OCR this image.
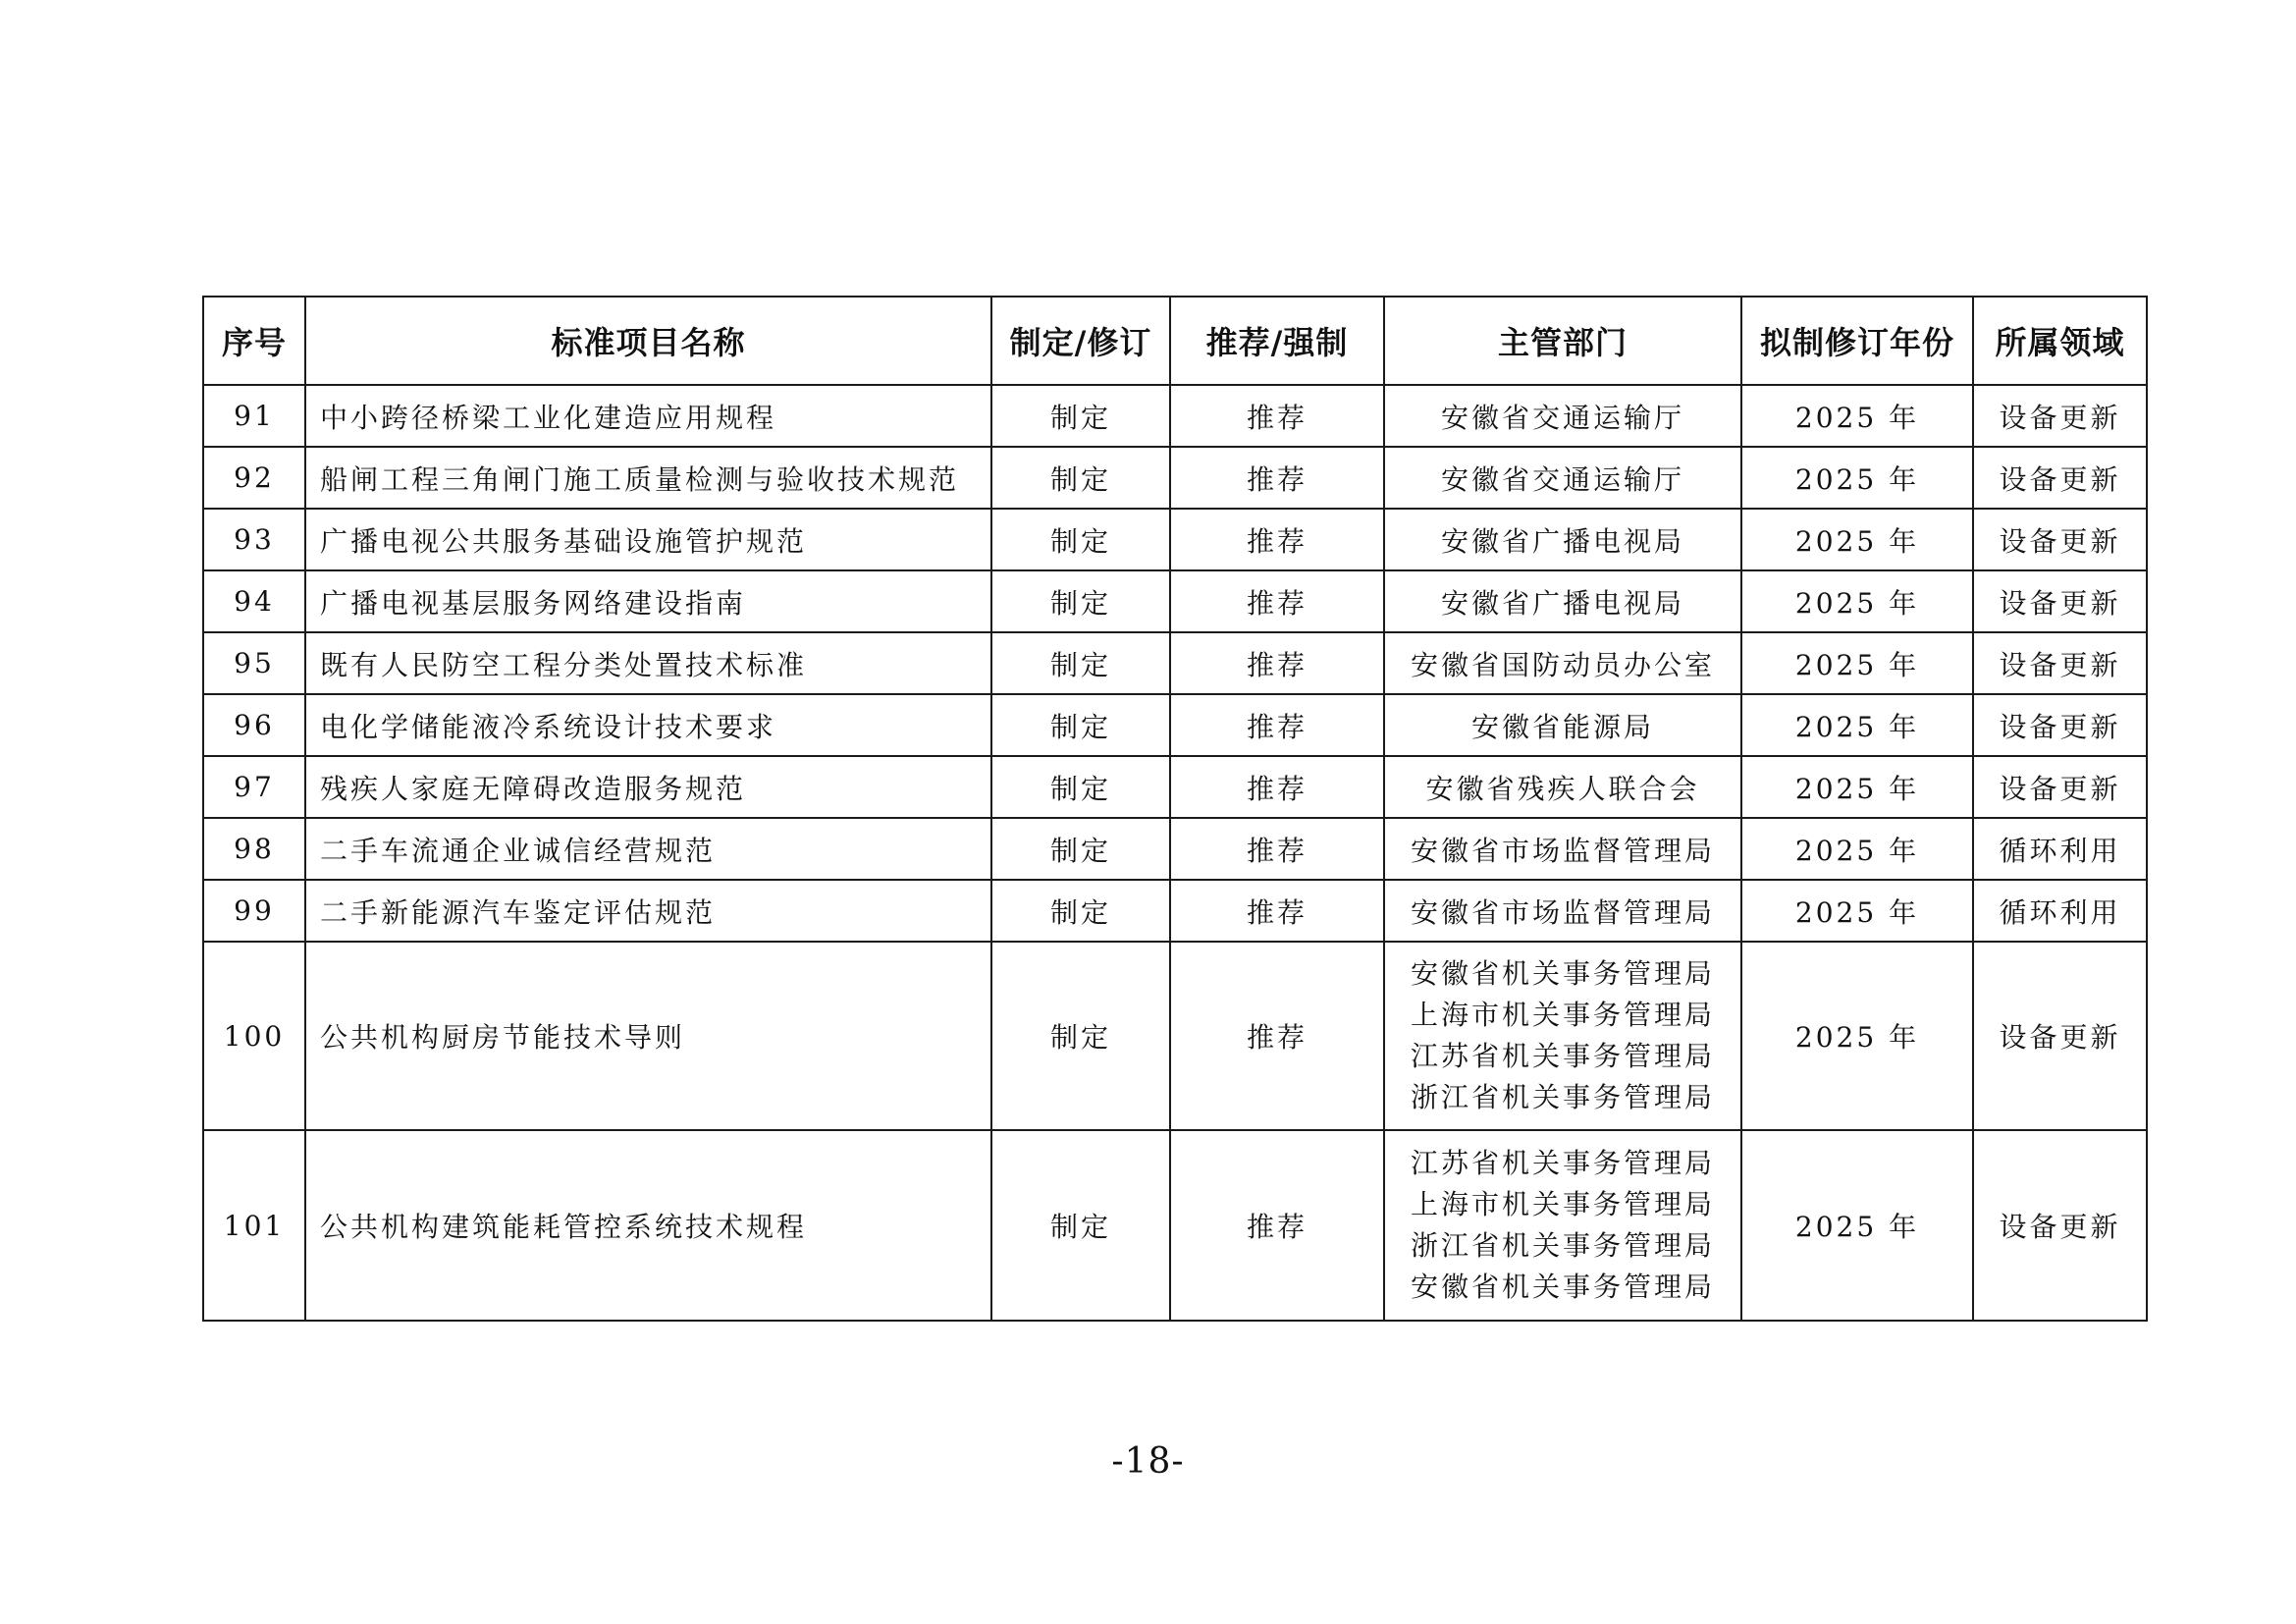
序号	标准项目名称	制定/修订	推荐/强制	主管部门	拟制修订年份	所属领域
91	中小跨径桥梁工业化建造应用规程	制定	推荐	安徽省交通运输厅	2025 年	设备更新
92	船闸工程三角闸门施工质量检测与验收技术规范	制定	推荐	安徽省交通运输厅	2025 年	设备更新
93	广播电视公共服务基础设施管护规范	制定	推荐	安徽省广播电视局	2025 年	设备更新
94	广播电视基层服务网络建设指南	制定	推荐	安徽省广播电视局	2025 年	设备更新
95	既有人民防空工程分类处置技术标准	制定	推荐	安徽省国防动员办公室	2025 年	设备更新
96	电化学储能液冷系统设计技术要求	制定	推荐	安徽省能源局	2025 年	设备更新
97	残疾人家庭无障碍改造服务规范	制定	推荐	安徽省残疾人联合会	2025 年	设备更新
98	二手车流通企业诚信经营规范	制定	推荐	安徽省市场监督管理局	2025 年	循环利用
99	二手新能源汽车鉴定评估规范	制定	推荐	安徽省市场监督管理局	2025 年	循环利用
100	公共机构厨房节能技术导则	制定	推荐	安徽省机关事务管理局
上海市机关事务管理局
江苏省机关事务管理局
浙江省机关事务管理局	2025 年	设备更新
101	公共机构建筑能耗管控系统技术规程	制定	推荐	江苏省机关事务管理局
上海市机关事务管理局
浙江省机关事务管理局
安徽省机关事务管理局	2025 年	设备更新
-18-
